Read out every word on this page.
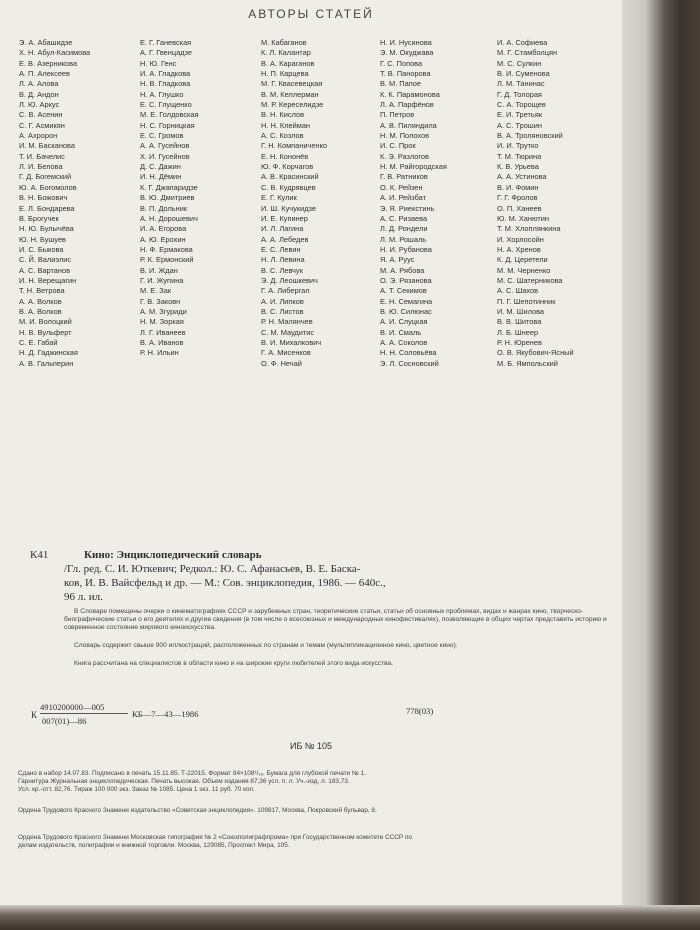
АВТОРЫ СТАТЕЙ
Э. А. Абашидзе
Х. Н. Абул-Касимова
Е. В. Азерникова
А. П. Алексеев
Л. А. Алова
В. Д. Андон
Л. Ю. Аркус
С. В. Асенин
С. Г. Асмикян
А. Ахророн
И. М. Басканова
Т. И. Бачелис
Л. И. Белова
Г. Д. Богемский
Ю. А. Богомолов
В. Н. Божович
Е. Л. Бондарева
В. Брогучек
Н. Ю. Булычёва
Ю. Н. Бушуев
И. С. Быкова
С. Й. Валиэлис
А. С. Вартанов
И. Н. Верещагин
Т. Н. Ветрова
А. А. Волков
В. А. Волков
М. И. Волоцкий
Н. В. Вульферт
С. Е. Габай
Н. Д. Гаджинская
А. В. Гальперин
Е. Г. Ганевская
А. Г. Гвенцадзе
Н. Ю. Генс
И. А. Гладкова
Н. В. Гладкова
Н. А. Глушко
Е. С. Глущенко
М. Е. Голдовская
Н. С. Горницкая
Е. С. Громов
А. А. Гусейнов
Х. И. Гусейнов
Д. С. Дажин
И. Н. Дёмин
К. Г. Джапаридзе
В. Ю. Дмитриев
В. П. Дольник
А. Н. Дорошевич
И. А. Егорова
А. Ю. Ерохин
Н. Ф. Ермакова
Р. К. Ермонский
В. И. Ждан
Г. И. Жупина
М. Е. Зак
Г. В. Заковн
А. М. Згуриди
Н. М. Зоркая
Л. Г. Иванеев
В. А. Иванов
Р. Н. Ильин
М. Кабаганов
К. Л. Калантар
В. А. Караганов
Н. П. Карцева
М. Г. Квасевецкая
В. М. Келлерман
М. Р. Кереселидзе
В. Н. Кислов
Н. Н. Клейман
А. С. Козлов
Г. Н. Компаниченко
Е. Н. Кононёв
Ю. Ф. Корчагов
А. В. Красинский
С. В. Кудрявцев
Е. Г. Кулик
И. Ш. Кучукидзе
И. Е. Купинер
И. Л. Лагина
А. А. Лебедев
Е. С. Левин
Н. Л. Левина
В. С. Левчук
Э. Д. Леошкевич
Г. А. Либергал
А. И. Липков
В. С. Листов
Р. Н. Малянчев
С. М. Маудитис
В. И. Михалкович
Г. А. Мисенков
О. Ф. Нечай
Н. И. Нусинова
Э. М. Окуджава
Г. С. Попова
Т. В. Панорова
В. М. Папое
К. К. Парамонова
Л. А. Парфёнов
П. Петров
А. В. Пиляндила
Н. М. Полохов
И. С. Прок
К. Э. Разлогов
Н. М. Райгородская
Г. В. Ратников
О. К. Рейзен
А. И. Рейзбат
Э. Я. Риекстинь
А. С. Ризаева
Л. Д. Рондели
Л. М. Рошаль
Н. И. Рубанова
Я. А. Руус
М. А. Рябова
О. Э. Рязанова
А. Т. Секимов
Е. Н. Семагина
В. Ю. Силюнас
А. И. Слуцкая
В. И. Смаль
А. А. Соколов
Н. Н. Соловьёва
Э. Л. Сосновский
И. А. Софиева
М. Г. Стамболцян
М. С. Сулкин
В. И. Суменова
Л. М. Танинас
Г. Д. Толорая
С. А. Торощев
Е. И. Третьяк
А. С. Трошин
В. А. Троляновский
И. И. Трутко
Т. М. Тюрина
К. В. Урьева
А. А. Устинова
В. И. Фомин
Г. Г. Фролов
О. П. Ханеев
Ю. М. Ханютин
Т. М. Хлоплянкина
И. Хорлосойн
Н. А. Хренов
К. Д. Церетели
М. М. Черненко
М. С. Шатерникова
А. С. Шахов
П. Г. Шепотинник
И. М. Шилова
В. В. Шитова
Л. Б. Шнеер
Р. Н. Юренев
О. В. Якубович-Ясный
М. Б. Ямпольский
К41	Кино: Энциклопедический словарь
/Гл. ред. С. И. Юткевич; Редкол.: Ю. С. Афанасьев, В. Е. Баска-
ков, И. В. Вайсфельд и др. — М.: Сов. энциклопедия, 1986. — 640с.,
96 л. ил.
В Словаре помещены очерки о кинематографиях СССР и зарубежных стран, теоретические статьи, статьи об основных проблемах, видах и жанрах кино, творческо-биографические статьи о его деятелях и другие сведения (в том числе о всесоюзных и международных кинофестивалях), позволяющие в общих чертах представить историю и современное состояние мирового киноискусства.
Словарь содержит свыше 900 иллюстраций, расположенных по странам и темам (мультипликационное кино, цветное кино).
Книга рассчитана на специалистов в области кино и на широкие круги любителей этого вида искусства.
К
4910200000—005
007(01)—86
КБ—7—43—1986	778(03)
ИБ № 105
Сдано в набор 14.07.83. Подписано в печать 15.11.85. Т-22015. Формат 84×108¹/₁₆. Бумага для глубокой печати № 1.
Гарнитура Журнальная энциклопедическая. Печать высокая. Объем издания 87,36 усл. п. л. Уч.-изд. л. 183,73.
Усл. кр.-отт. 82,76. Тираж 100 000 экз. Заказ № 1085. Цена 1 экз. 11 руб. 70 коп.
Ордена Трудового Красного Знамени издательство «Советская энциклопедия». 109817, Москва, Покровский бульвар, 8.
Ордена Трудового Красного Знамени Московская типография № 2 «Союзполиграфпрома» при Государственном комитете СССР по
делам издательств, полиграфии и книжной торговли. Москва, 129085, Проспект Мира, 105.
